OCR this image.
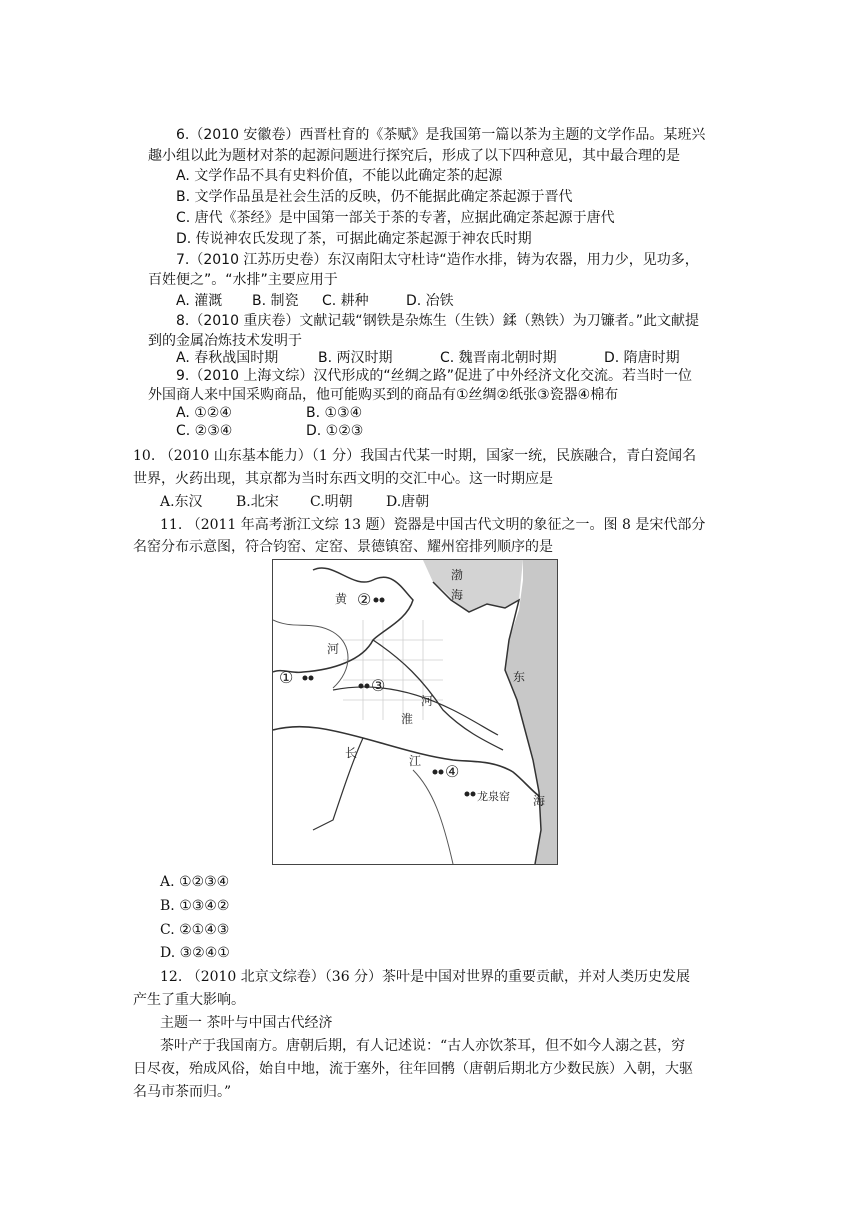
6.（2010 安徽卷）西晋杜育的《茶赋》是我国第一篇以茶为主题的文学作品。某班兴
趣小组以此为题材对茶的起源问题进行探究后，形成了以下四种意见，其中最合理的是
A. 文学作品不具有史料价值，不能以此确定茶的起源
B. 文学作品虽是社会生活的反映，仍不能据此确定茶起源于晋代
C. 唐代《茶经》是中国第一部关于茶的专著，应据此确定茶起源于唐代
D. 传说神农氏发现了茶，可据此确定茶起源于神农氏时期
7.（2010 江苏历史卷）东汉南阳太守杜诗“造作水排，铸为农器，用力少，见功多，
百姓便之”。“水排”主要应用于
A. 灌溉 B. 制瓷 C. 耕种	D. 冶铁
8.（2010 重庆卷）文献记载“钢铁是杂炼生（生铁）鍒（熟铁）为刀镰者。”此文献提
到的金属冶炼技术发明于
A. 春秋战国时期	B. 两汉时期	C. 魏晋南北朝时期	D. 隋唐时期
9.（2010 上海文综）汉代形成的“丝绸之路”促进了中外经济文化交流。若当时一位
外国商人来中国采购商品，他可能购买到的商品有①丝绸②纸张③瓷器④棉布
A. ①②④	B. ①③④
C. ②③④	D. ①②③
10. （2010 山东基本能力）（1 分）我国古代某一时期，国家一统，民族融合，青白瓷闻名
世界，火药出现，其京都为当时东西文明的交汇中心。这一时期应是
A.东汉 B.北宋 C.明朝 D.唐朝
11. （2011 年高考浙江文综 13 题）瓷器是中国古代文明的象征之一。图 8 是宋代部分
名窑分布示意图，符合钧窑、定窑、景德镇窑、耀州窑排列顺序的是
渤
海
东
海
黄
河
淮
河
长
江
龙泉窑
①
②
③
④
A. ①②③④
B. ①③④②
C. ②①④③
D. ③②④①
12. （2010 北京文综卷）（36 分）茶叶是中国对世界的重要贡献，并对人类历史发展
产生了重大影响。
主题一 茶叶与中国古代经济
茶叶产于我国南方。唐朝后期，有人记述说：“古人亦饮茶耳，但不如今人溺之甚，穷
日尽夜，殆成风俗，始自中地，流于塞外，往年回鹘（唐朝后期北方少数民族）入朝，大驱
名马市茶而归。”
